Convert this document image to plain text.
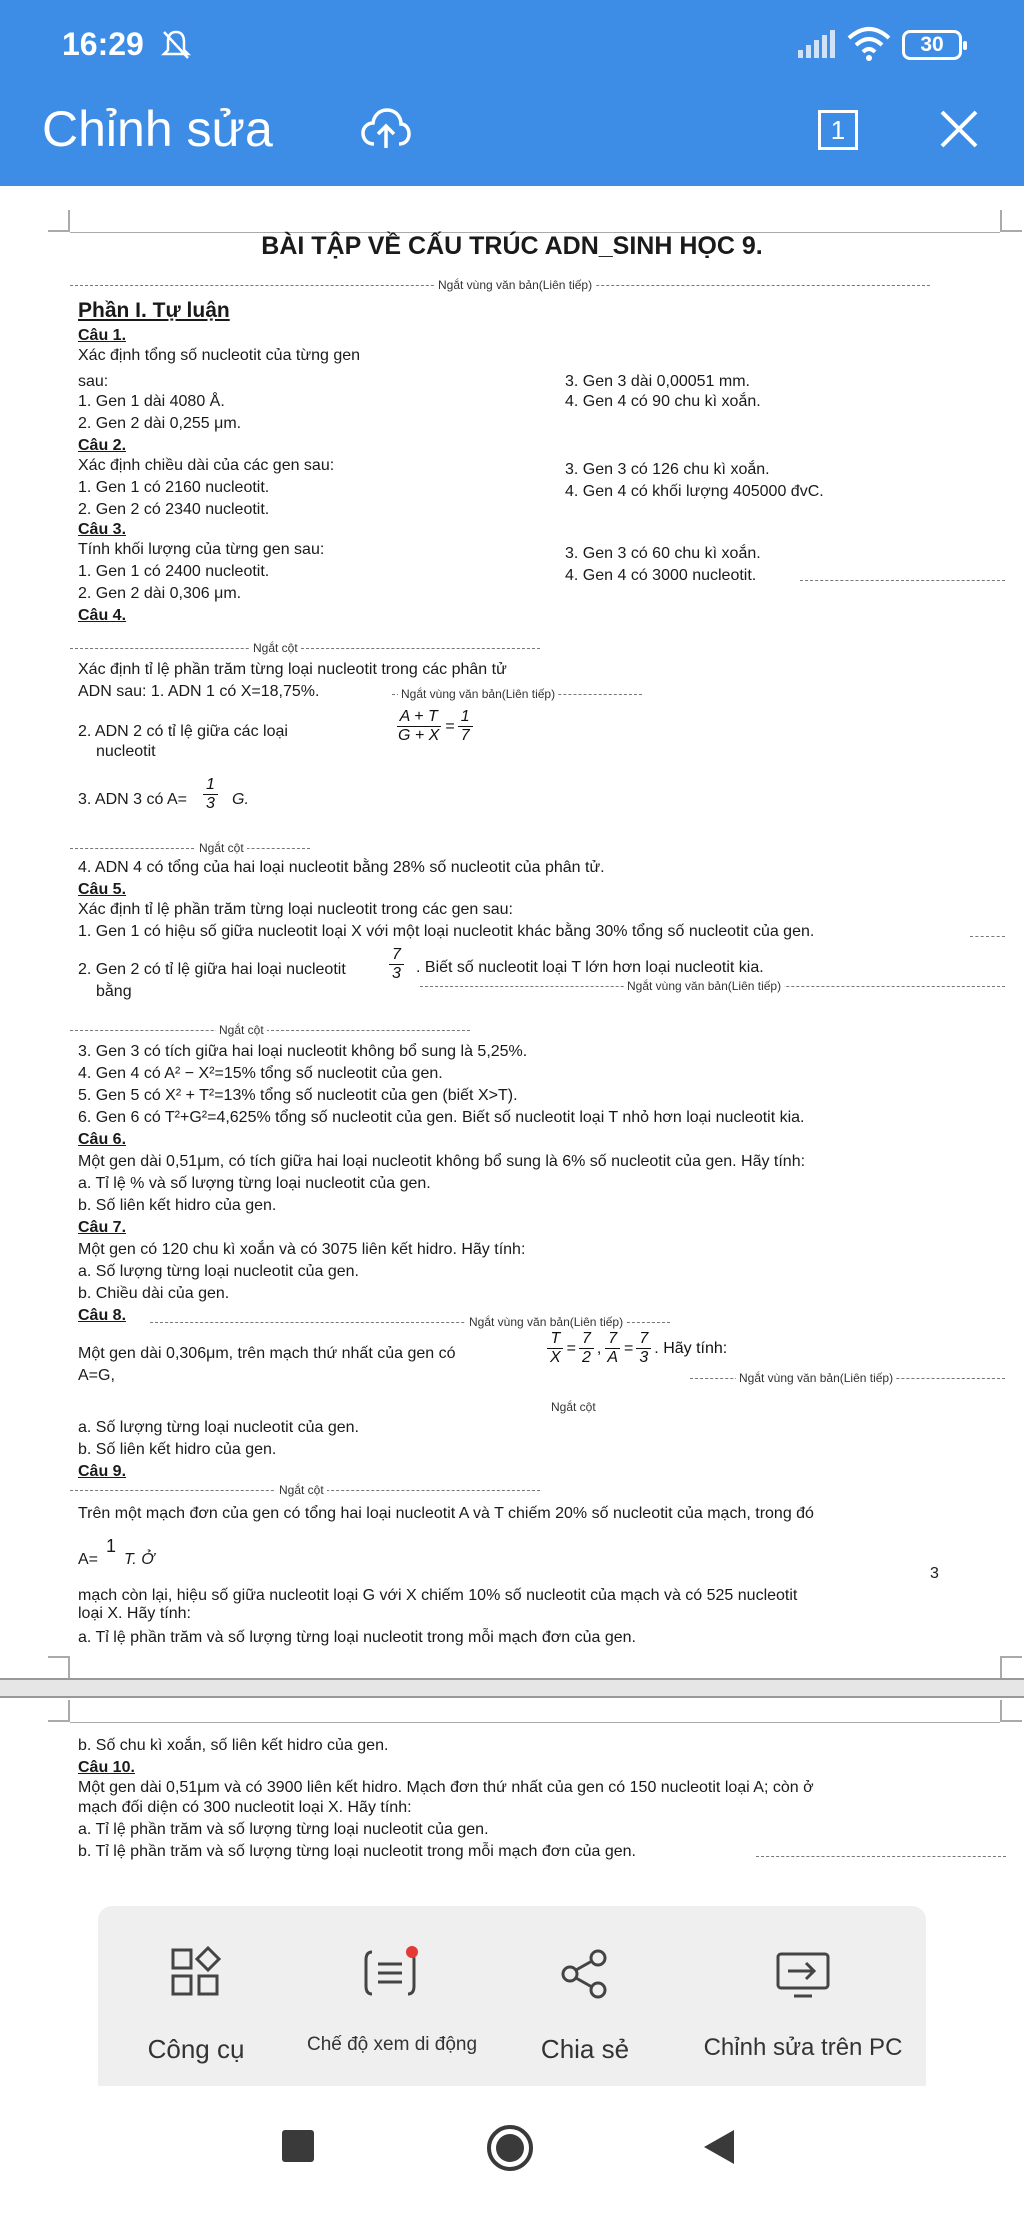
16:29	30
Chỉnh sửa	1
BÀI TẬP VỀ CẤU TRÚC ADN_SINH HỌC 9.
Ngắt vùng văn bản(Liên tiếp)
Phần I. Tự luận
Câu 1.
Xác định tổng số nucleotit của từng gen
sau:
1. Gen 1 dài 4080 Å.
2. Gen 2 dài 0,255 μm.
3. Gen 3 dài 0,00051 mm.
4. Gen 4 có 90 chu kì xoắn.
Câu 2.
Xác định chiều dài của các gen sau:
1. Gen 1 có 2160 nucleotit.
2. Gen 2 có 2340 nucleotit.
3. Gen 3 có 126 chu kì xoắn.
4. Gen 4 có khối lượng 405000 đvC.
Câu 3.
Tính khối lượng của từng gen sau:
1. Gen 1 có 2400 nucleotit.
2. Gen 2 dài 0,306 μm.
3. Gen 3 có 60 chu kì xoắn.
4. Gen 4 có 3000 nucleotit.
Câu 4.
Ngắt cột
Xác định tỉ lệ phần trăm từng loại nucleotit trong các phân tử
ADN sau: 1. ADN 1 có X=18,75%.	Ngắt vùng văn bản(Liên tiếp)
2. ADN 2 có tỉ lệ giữa các loại
nucleotit
$\frac{A + T}{G + X} = \frac{1}{7}$
3. ADN 3 có $A= \frac{1}{3} G$.
Ngắt cột
4. ADN 4 có tổng của hai loại nucleotit bằng 28% số nucleotit của phân tử.
Câu 5.
Xác định tỉ lệ phần trăm từng loại nucleotit trong các gen sau:
1. Gen 1 có hiệu số giữa nucleotit loại X với một loại nucleotit khác bằng 30% tổng số nucleotit của gen.
2. Gen 2 có tỉ lệ giữa hai loại nucleotit
bằng
$\frac{7}{3}$ . Biết số nucleotit loại T lớn hơn loại nucleotit kia.
Ngắt vùng văn bản(Liên tiếp)
Ngắt cột
3. Gen 3 có tích giữa hai loại nucleotit không bổ sung là 5,25%.
4. Gen 4 có A² − X²=15% tổng số nucleotit của gen.
5. Gen 5 có X² + T²=13% tổng số nucleotit của gen (biết X>T).
6. Gen 6 có T²+G²=4,625% tổng số nucleotit của gen. Biết số nucleotit loại T nhỏ hơn loại nucleotit kia.
Câu 6.
Một gen dài 0,51μm, có tích giữa hai loại nucleotit không bổ sung là 6% số nucleotit của gen. Hãy tính:
a. Tỉ lệ % và số lượng từng loại nucleotit của gen.
b. Số liên kết hidro của gen.
Câu 7.
Một gen có 120 chu kì xoắn và có 3075 liên kết hidro. Hãy tính:
a. Số lượng từng loại nucleotit của gen.
b. Chiều dài của gen.
Câu 8.	Ngắt vùng văn bản(Liên tiếp)
Một gen dài 0,306μm, trên mạch thứ nhất của gen có
A=G,
$\frac{T}{X} = \frac{7}{2}$ , $\frac{7}{A} = \frac{7}{3}$ . Hãy tính:
Ngắt vùng văn bản(Liên tiếp)
Ngắt cột
a. Số lượng từng loại nucleotit của gen.
b. Số liên kết hidro của gen.
Câu 9.
Ngắt cột
Trên một mạch đơn của gen có tổng hai loại nucleotit A và T chiếm 20% số nucleotit của mạch, trong đó
A=
1
T. Ở
3
mạch còn lại, hiệu số giữa nucleotit loại G với X chiếm 10% số nucleotit của mạch và có 525 nucleotit
loại X. Hãy tính:
a. Tỉ lệ phần trăm và số lượng từng loại nucleotit trong mỗi mạch đơn của gen.
b. Số chu kì xoắn, số liên kết hidro của gen.
Câu 10.
Một gen dài 0,51μm và có 3900 liên kết hidro. Mạch đơn thứ nhất của gen có 150 nucleotit loại A; còn ở
mạch đối diện có 300 nucleotit loại X. Hãy tính:
a. Tỉ lệ phần trăm và số lượng từng loại nucleotit của gen.
b. Tỉ lệ phần trăm và số lượng từng loại nucleotit trong mỗi mạch đơn của gen.
Công cụ	Chế độ xem di động	Chia sẻ	Chỉnh sửa trên PC
